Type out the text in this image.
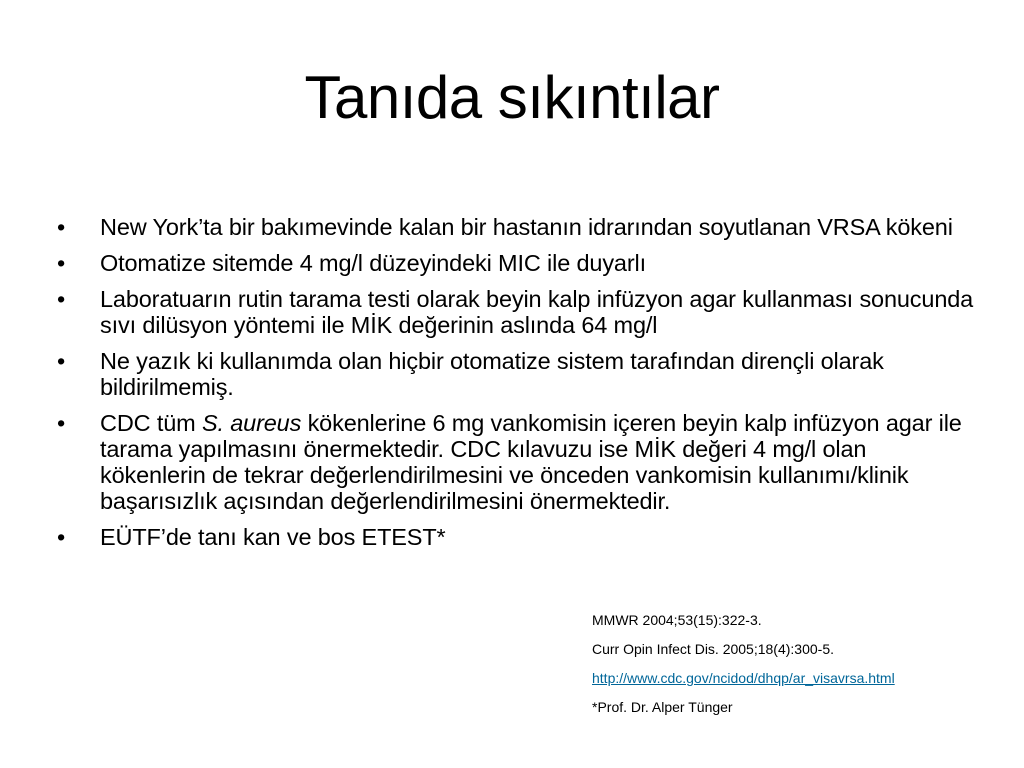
Tanıda sıkıntılar
•	New York’ta bir bakımevinde kalan bir hastanın idrarından soyutlanan VRSA kökeni
•	Otomatize sitemde 4 mg/l düzeyindeki MIC ile duyarlı
•	Laboratuarın rutin tarama testi olarak beyin kalp infüzyon agar kullanması sonucunda sıvı dilüsyon yöntemi ile MİK değerinin aslında 64 mg/l
•	Ne yazık ki kullanımda olan hiçbir otomatize sistem tarafından dirençli olarak bildirilmemiş.
•	CDC tüm S. aureus kökenlerine 6 mg vankomisin içeren beyin kalp infüzyon agar ile tarama yapılmasını önermektedir. CDC kılavuzu ise MİK değeri 4 mg/l olan kökenlerin de tekrar değerlendirilmesini ve önceden vankomisin kullanımı/klinik başarısızlık açısından değerlendirilmesini önermektedir.
•	EÜTF’de tanı kan ve bos ETEST*
MMWR 2004;53(15):322-3.
Curr Opin Infect Dis. 2005;18(4):300-5.
http://www.cdc.gov/ncidod/dhqp/ar_visavrsa.html
*Prof. Dr. Alper Tünger
